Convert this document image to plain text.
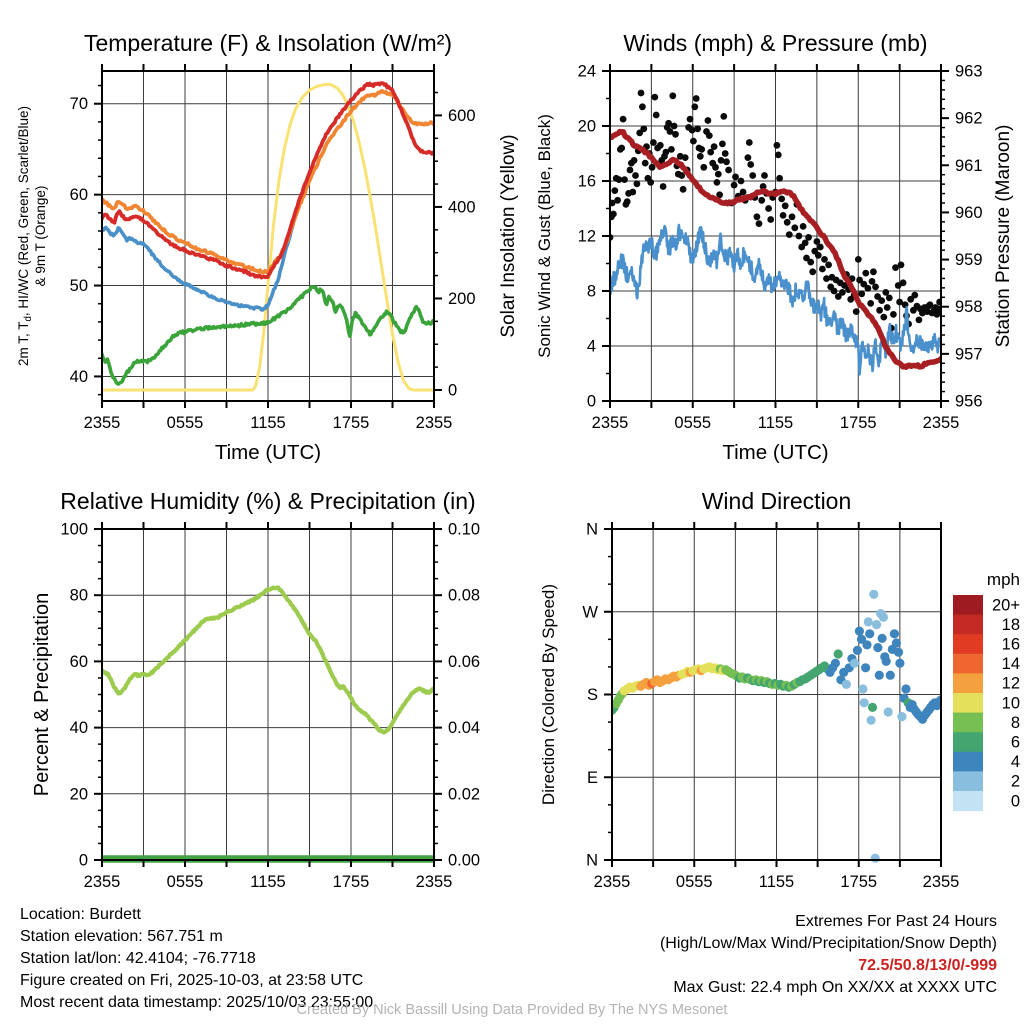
40
50
60
70
0
200
400
600
2355	0555	1155	1755	2355
Time (UTC)
Temperature (F) & Insolation (W/m²)
2m T, $T_d$, HI/WC (Red, Green, Scarlet/Blue) & 9m T (Orange)	Solar Insolation (Yellow)
0
4
8
12
16
20
24
956
957
958
959
960
961
962
963
2355	0555	1155	1755	2355
Time (UTC)
Winds (mph) & Pressure (mb)
Sonic Wind & Gust (Blue, Black)	Station Pressure (Maroon)
0
20
40
60
80
100
0.00
0.02
0.04
0.06
0.08
0.10
2355	0555	1155	1755	2355
Relative Humidity (%) & Precipitation (in)
Percent & Precipitation
N
E
S
W
N
2355	0555	1155	1755	2355
Wind Direction
Direction (Colored By Speed)
mph
20+
18
16
14
12
10
8
6
4
2
0
Location: Burdett
Station elevation: 567.751 m
Station lat/lon: 42.4104; -76.7718
Figure created on Fri, 2025-10-03, at 23:58 UTC
Most recent data timestamp: 2025/10/03 23:55:00
Extremes For Past 24 Hours
(High/Low/Max Wind/Precipitation/Snow Depth)
72.5/50.8/13/0/-999
Max Gust: 22.4 mph On XX/XX at XXXX UTC
Created By Nick Bassill Using Data Provided By The NYS Mesonet
